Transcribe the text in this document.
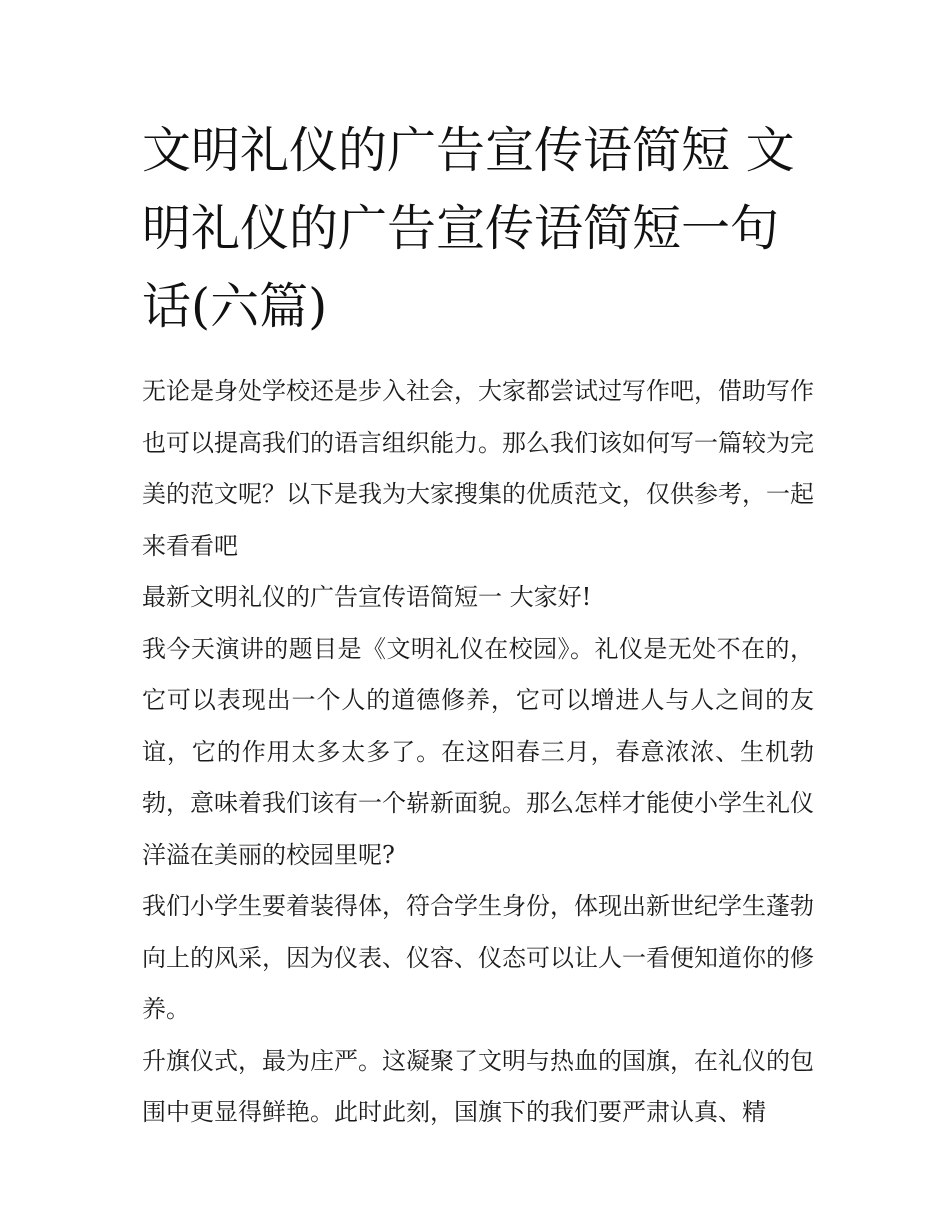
文明礼仪的广告宣传语简短 文明礼仪的广告宣传语简短一句话(六篇)

无论是身处学校还是步入社会，大家都尝试过写作吧，借助写作也可以提高我们的语言组织能力。那么我们该如何写一篇较为完美的范文呢？以下是我为大家搜集的优质范文，仅供参考，一起来看看吧

最新文明礼仪的广告宣传语简短一 大家好!

我今天演讲的题目是《文明礼仪在校园》。礼仪是无处不在的，它可以表现出一个人的道德修养，它可以增进人与人之间的友谊，它的作用太多太多了。在这阳春三月，春意浓浓、生机勃勃，意味着我们该有一个崭新面貌。那么怎样才能使小学生礼仪洋溢在美丽的校园里呢?

我们小学生要着装得体，符合学生身份，体现出新世纪学生蓬勃向上的风采，因为仪表、仪容、仪态可以让人一看便知道你的修养。

升旗仪式，最为庄严。这凝聚了文明与热血的国旗，在礼仪的包围中更显得鲜艳。此时此刻，国旗下的我们要严肃认真、精
